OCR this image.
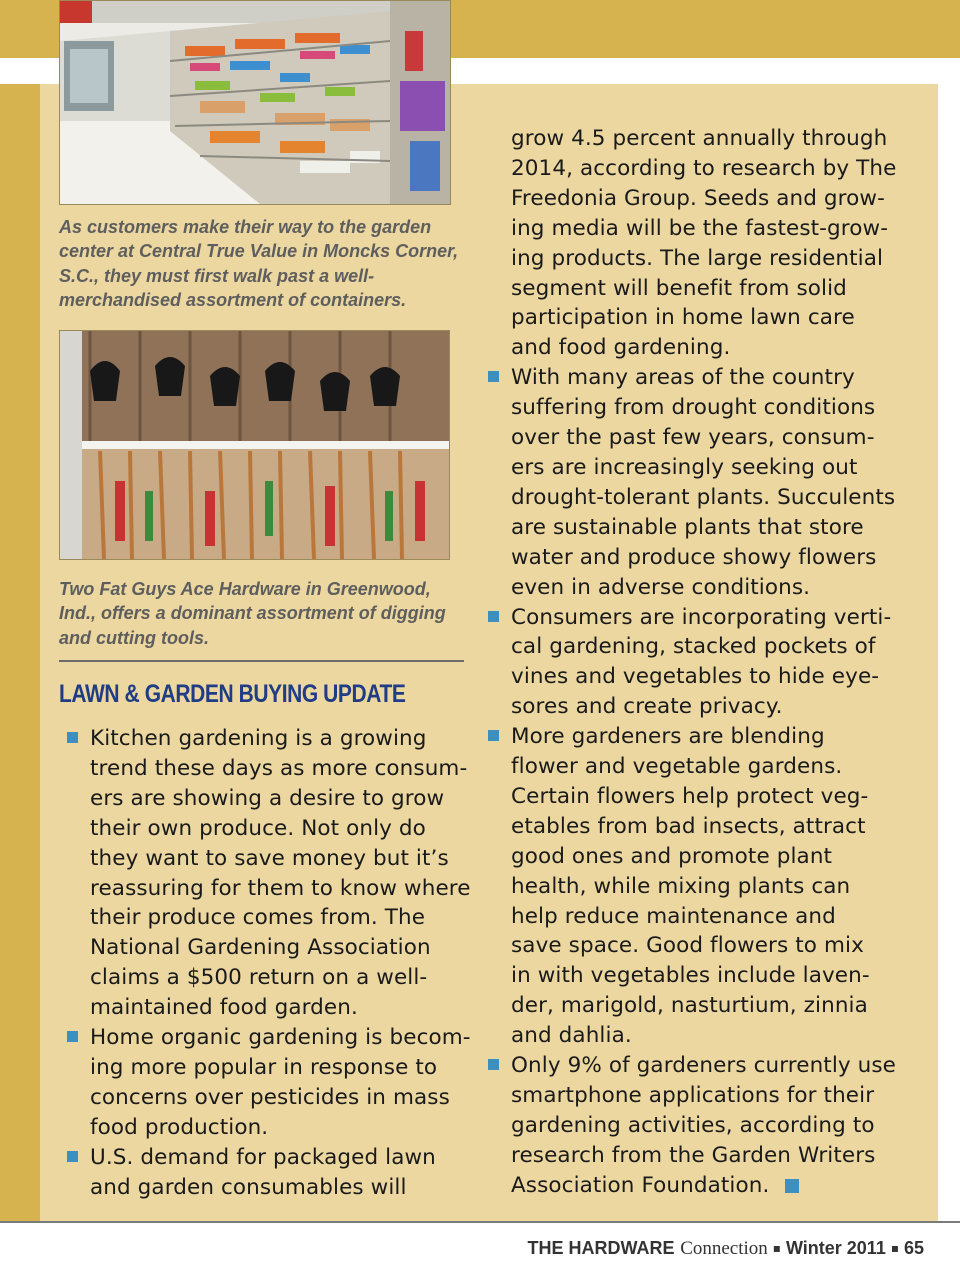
As customers make their way to the garden center at Central True Value in Moncks Corner, S.C., they must first walk past a well-merchandised assortment of containers.

Two Fat Guys Ace Hardware in Greenwood, Ind., offers a dominant assortment of digging and cutting tools.

LAWN & GARDEN BUYING UPDATE
Kitchen gardening is a growing
trend these days as more consum-
ers are showing a desire to grow
their own produce. Not only do
they want to save money but it’s
reassuring for them to know where
their produce comes from. The
National Gardening Association
claims a $500 return on a well-
maintained food garden.
Home organic gardening is becom-
ing more popular in response to
concerns over pesticides in mass
food production.
U.S. demand for packaged lawn
and garden consumables will
grow 4.5 percent annually through
2014, according to research by The
Freedonia Group. Seeds and grow-
ing media will be the fastest-grow-
ing products. The large residential
segment will benefit from solid
participation in home lawn care
and food gardening.
With many areas of the country
suffering from drought conditions
over the past few years, consum-
ers are increasingly seeking out
drought-tolerant plants. Succulents
are sustainable plants that store
water and produce showy flowers
even in adverse conditions.
Consumers are incorporating verti-
cal gardening, stacked pockets of
vines and vegetables to hide eye-
sores and create privacy.
More gardeners are blending
flower and vegetable gardens.
Certain flowers help protect veg-
etables from bad insects, attract
good ones and promote plant
health, while mixing plants can
help reduce maintenance and
save space. Good flowers to mix
in with vegetables include laven-
der, marigold, nasturtium, zinnia
and dahlia.
Only 9% of gardeners currently use
smartphone applications for their
gardening activities, according to
research from the Garden Writers
Association Foundation.
THE HARDWARE Connection ▪ Winter 2011 ▪ 65
